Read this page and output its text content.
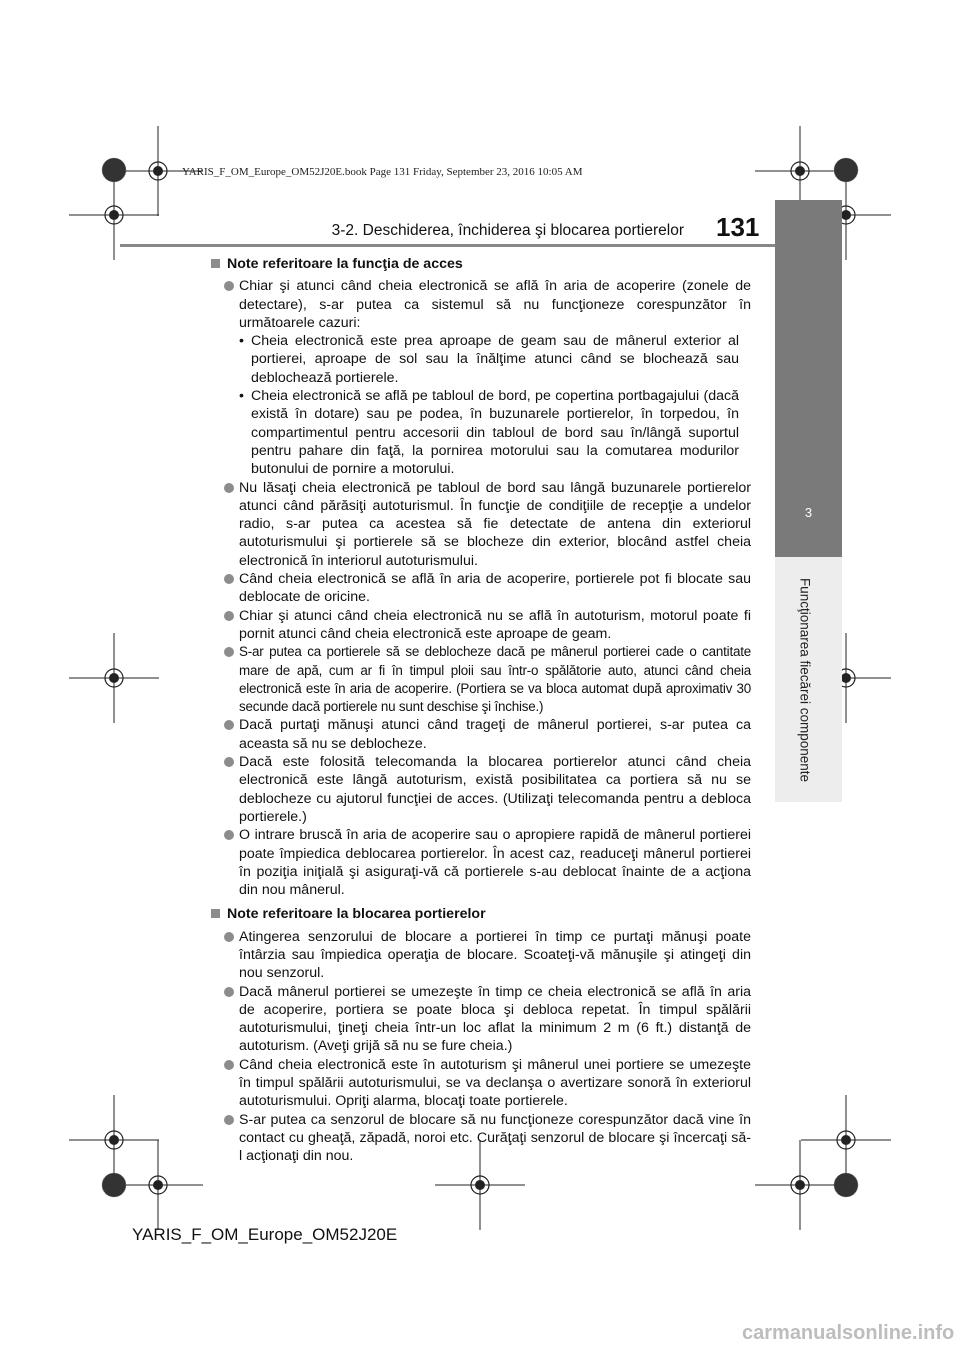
YARIS_F_OM_Europe_OM52J20E.book Page 131 Friday, September 23, 2016 10:05 AM
3-2. Deschiderea, închiderea şi blocarea portierelor 131
3
Funcţionarea fiecărei componente
Note referitoare la funcţia de acces
Chiar şi atunci când cheia electronică se află în aria de acoperire (zonele de detectare), s-ar putea ca sistemul să nu funcţioneze corespunzător în următoarele cazuri:
• Cheia electronică este prea aproape de geam sau de mânerul exterior al portierei, aproape de sol sau la înălţime atunci când se blochează sau deblochează portierele.
• Cheia electronică se află pe tabloul de bord, pe copertina portbagajului (dacă există în dotare) sau pe podea, în buzunarele portierelor, în torpedou, în compartimentul pentru accesorii din tabloul de bord sau în/lângă suportul pentru pahare din faţă, la pornirea motorului sau la comutarea modurilor butonului de pornire a motorului.
Nu lăsaţi cheia electronică pe tabloul de bord sau lângă buzunarele portierelor atunci când părăsiţi autoturismul. În funcţie de condiţiile de recepţie a undelor radio, s-ar putea ca acestea să fie detectate de antena din exteriorul autoturismului şi portierele să se blocheze din exterior, blocând astfel cheia electronică în interiorul autoturismului.
Când cheia electronică se află în aria de acoperire, portierele pot fi blocate sau deblocate de oricine.
Chiar şi atunci când cheia electronică nu se află în autoturism, motorul poate fi pornit atunci când cheia electronică este aproape de geam.
S-ar putea ca portierele să se deblocheze dacă pe mânerul portierei cade o cantitate mare de apă, cum ar fi în timpul ploii sau într-o spălătorie auto, atunci când cheia electronică este în aria de acoperire. (Portiera se va bloca automat după aproximativ 30 secunde dacă portierele nu sunt deschise şi închise.)
Dacă purtaţi mănuşi atunci când trageţi de mânerul portierei, s-ar putea ca aceasta să nu se deblocheze.
Dacă este folosită telecomanda la blocarea portierelor atunci când cheia electronică este lângă autoturism, există posibilitatea ca portiera să nu se deblocheze cu ajutorul funcţiei de acces. (Utilizaţi telecomanda pentru a debloca portierele.)
O intrare bruscă în aria de acoperire sau o apropiere rapidă de mânerul portierei poate împiedica deblocarea portierelor. În acest caz, readuceţi mânerul portierei în poziţia iniţială şi asiguraţi-vă că portierele s-au deblocat înainte de a acţiona din nou mânerul.
Note referitoare la blocarea portierelor
Atingerea senzorului de blocare a portierei în timp ce purtaţi mănuşi poate întârzia sau împiedica operaţia de blocare. Scoateţi-vă mănuşile şi atingeţi din nou senzorul.
Dacă mânerul portierei se umezeşte în timp ce cheia electronică se află în aria de acoperire, portiera se poate bloca şi debloca repetat. În timpul spălării autoturismului, ţineţi cheia într-un loc aflat la minimum 2 m (6 ft.) distanţă de autoturism. (Aveţi grijă să nu se fure cheia.)
Când cheia electronică este în autoturism şi mânerul unei portiere se umezeşte în timpul spălării autoturismului, se va declanşa o avertizare sonoră în exteriorul autoturismului. Opriţi alarma, blocaţi toate portierele.
S-ar putea ca senzorul de blocare să nu funcţioneze corespunzător dacă vine în contact cu gheaţă, zăpadă, noroi etc. Curăţaţi senzorul de blocare şi încercaţi să-l acţionaţi din nou.
YARIS_F_OM_Europe_OM52J20E
carmanualsonline.info
